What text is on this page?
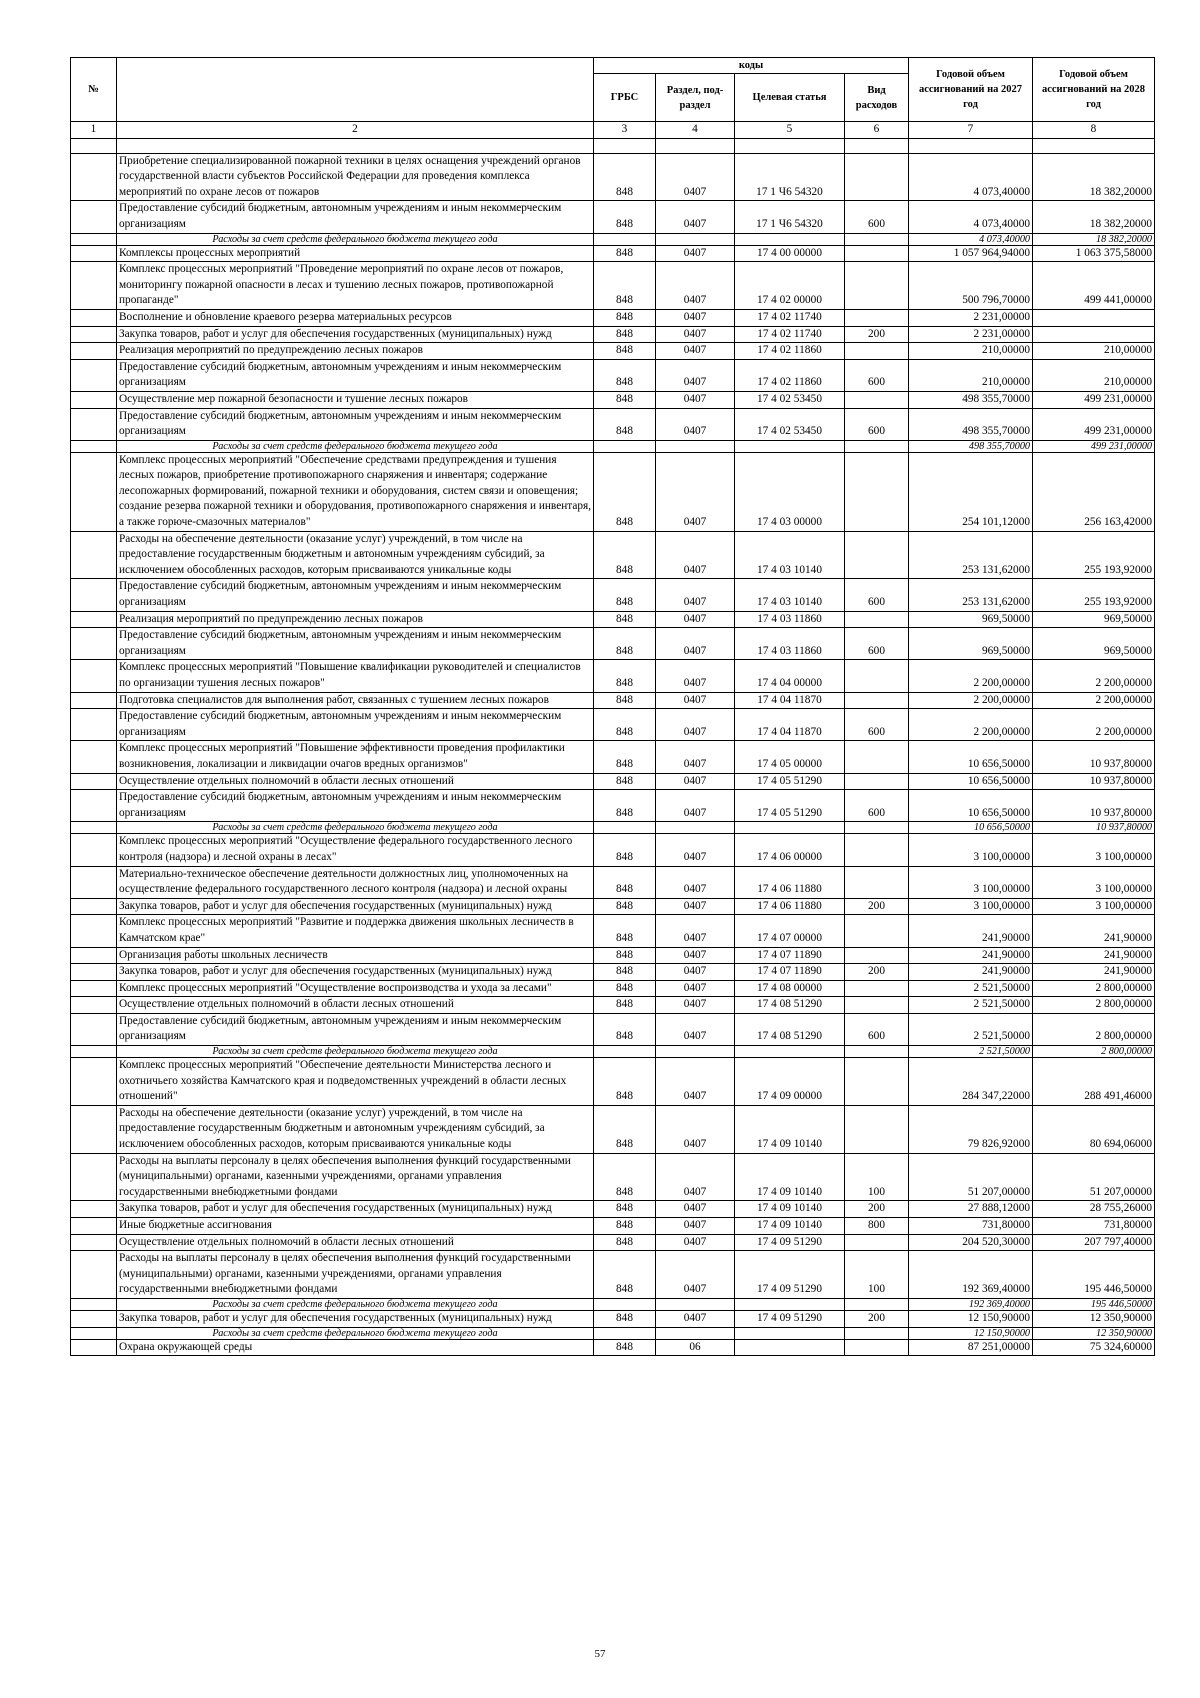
№		коды				Годовой объем ассигнований на 2027 год	Годовой объем ассигнований на 2028 год
		ГРБС	Раздел, под-раздел	Целевая статья	Вид расходов		
1	2	3	4	5	6	7	8

	Приобретение специализированной пожарной техники в целях оснащения учреждений органов государственной власти субъектов Российской Федерации для проведения комплекса мероприятий по охране лесов от пожаров	848	0407	17 1 Ч6 54320		4 073,40000	18 382,20000
	Предоставление субсидий бюджетным, автономным учреждениям и иным некоммерческим организациям	848	0407	17 1 Ч6 54320	600	4 073,40000	18 382,20000
	Расходы за счет средств федерального бюджета текущего года					4 073,40000	18 382,20000
	Комплексы процессных мероприятий	848	0407	17 4 00 00000		1 057 964,94000	1 063 375,58000
	Комплекс процессных мероприятий "Проведение мероприятий по охране лесов от пожаров, мониторингу пожарной опасности в лесах и тушению лесных пожаров, противопожарной пропаганде"	848	0407	17 4 02 00000		500 796,70000	499 441,00000
	Восполнение и обновление краевого резерва материальных ресурсов	848	0407	17 4 02 11740		2 231,00000	
	Закупка товаров, работ и услуг для обеспечения государственных (муниципальных) нужд	848	0407	17 4 02 11740	200	2 231,00000	
	Реализация мероприятий по предупреждению лесных пожаров	848	0407	17 4 02 11860		210,00000	210,00000
	Предоставление субсидий бюджетным, автономным учреждениям и иным некоммерческим организациям	848	0407	17 4 02 11860	600	210,00000	210,00000
	Осуществление мер пожарной безопасности и тушение лесных пожаров	848	0407	17 4 02 53450		498 355,70000	499 231,00000
	Предоставление субсидий бюджетным, автономным учреждениям и иным некоммерческим организациям	848	0407	17 4 02 53450	600	498 355,70000	499 231,00000
	Расходы за счет средств федерального бюджета текущего года					498 355,70000	499 231,00000
	Комплекс процессных мероприятий "Обеспечение средствами предупреждения и тушения лесных пожаров, приобретение противопожарного снаряжения и инвентаря; содержание лесопожарных формирований, пожарной техники и оборудования, систем связи и оповещения; создание резерва пожарной техники и оборудования, противопожарного снаряжения и инвентаря, а также горюче-смазочных материалов"	848	0407	17 4 03 00000		254 101,12000	256 163,42000
	Расходы на обеспечение деятельности (оказание услуг) учреждений, в том числе на предоставление государственным бюджетным и автономным учреждениям субсидий, за исключением обособленных расходов, которым присваиваются уникальные коды	848	0407	17 4 03 10140		253 131,62000	255 193,92000
	Предоставление субсидий бюджетным, автономным учреждениям и иным некоммерческим организациям	848	0407	17 4 03 10140	600	253 131,62000	255 193,92000
	Реализация мероприятий по предупреждению лесных пожаров	848	0407	17 4 03 11860		969,50000	969,50000
	Предоставление субсидий бюджетным, автономным учреждениям и иным некоммерческим организациям	848	0407	17 4 03 11860	600	969,50000	969,50000
	Комплекс процессных мероприятий "Повышение квалификации руководителей и специалистов по организации тушения лесных пожаров"	848	0407	17 4 04 00000		2 200,00000	2 200,00000
	Подготовка специалистов для выполнения работ, связанных с тушением лесных пожаров	848	0407	17 4 04 11870		2 200,00000	2 200,00000
	Предоставление субсидий бюджетным, автономным учреждениям и иным некоммерческим организациям	848	0407	17 4 04 11870	600	2 200,00000	2 200,00000
	Комплекс процессных мероприятий "Повышение эффективности проведения профилактики возникновения, локализации и ликвидации очагов вредных организмов"	848	0407	17 4 05 00000		10 656,50000	10 937,80000
	Осуществление отдельных полномочий в области лесных отношений	848	0407	17 4 05 51290		10 656,50000	10 937,80000
	Предоставление субсидий бюджетным, автономным учреждениям и иным некоммерческим организациям	848	0407	17 4 05 51290	600	10 656,50000	10 937,80000
	Расходы за счет средств федерального бюджета текущего года					10 656,50000	10 937,80000
	Комплекс процессных мероприятий "Осуществление федерального государственного лесного контроля (надзора) и лесной охраны в лесах"	848	0407	17 4 06 00000		3 100,00000	3 100,00000
	Материально-техническое обеспечение деятельности должностных лиц, уполномоченных на осуществление федерального государственного лесного контроля (надзора) и лесной охраны	848	0407	17 4 06 11880		3 100,00000	3 100,00000
	Закупка товаров, работ и услуг для обеспечения государственных (муниципальных) нужд	848	0407	17 4 06 11880	200	3 100,00000	3 100,00000
	Комплекс процессных мероприятий "Развитие и поддержка движения школьных лесничеств в Камчатском крае"	848	0407	17 4 07 00000		241,90000	241,90000
	Организация работы школьных лесничеств	848	0407	17 4 07 11890		241,90000	241,90000
	Закупка товаров, работ и услуг для обеспечения государственных (муниципальных) нужд	848	0407	17 4 07 11890	200	241,90000	241,90000
	Комплекс процессных мероприятий "Осуществление воспроизводства и ухода за лесами"	848	0407	17 4 08 00000		2 521,50000	2 800,00000
	Осуществление отдельных полномочий в области лесных отношений	848	0407	17 4 08 51290		2 521,50000	2 800,00000
	Предоставление субсидий бюджетным, автономным учреждениям и иным некоммерческим организациям	848	0407	17 4 08 51290	600	2 521,50000	2 800,00000
	Расходы за счет средств федерального бюджета текущего года					2 521,50000	2 800,00000
	Комплекс процессных мероприятий "Обеспечение деятельности Министерства лесного и охотничьего хозяйства Камчатского края и подведомственных учреждений в области лесных отношений"	848	0407	17 4 09 00000		284 347,22000	288 491,46000
	Расходы на обеспечение деятельности (оказание услуг) учреждений, в том числе на предоставление государственным бюджетным и автономным учреждениям субсидий, за исключением обособленных расходов, которым присваиваются уникальные коды	848	0407	17 4 09 10140		79 826,92000	80 694,06000
	Расходы на выплаты персоналу в целях обеспечения выполнения функций государственными (муниципальными) органами, казенными учреждениями, органами управления государственными внебюджетными фондами	848	0407	17 4 09 10140	100	51 207,00000	51 207,00000
	Закупка товаров, работ и услуг для обеспечения государственных (муниципальных) нужд	848	0407	17 4 09 10140	200	27 888,12000	28 755,26000
	Иные бюджетные ассигнования	848	0407	17 4 09 10140	800	731,80000	731,80000
	Осуществление отдельных полномочий в области лесных отношений	848	0407	17 4 09 51290		204 520,30000	207 797,40000
	Расходы на выплаты персоналу в целях обеспечения выполнения функций государственными (муниципальными) органами, казенными учреждениями, органами управления государственными внебюджетными фондами	848	0407	17 4 09 51290	100	192 369,40000	195 446,50000
	Расходы за счет средств федерального бюджета текущего года					192 369,40000	195 446,50000
	Закупка товаров, работ и услуг для обеспечения государственных (муниципальных) нужд	848	0407	17 4 09 51290	200	12 150,90000	12 350,90000
	Расходы за счет средств федерального бюджета текущего года					12 150,90000	12 350,90000
	Охрана окружающей среды	848	06			87 251,00000	75 324,60000
57
